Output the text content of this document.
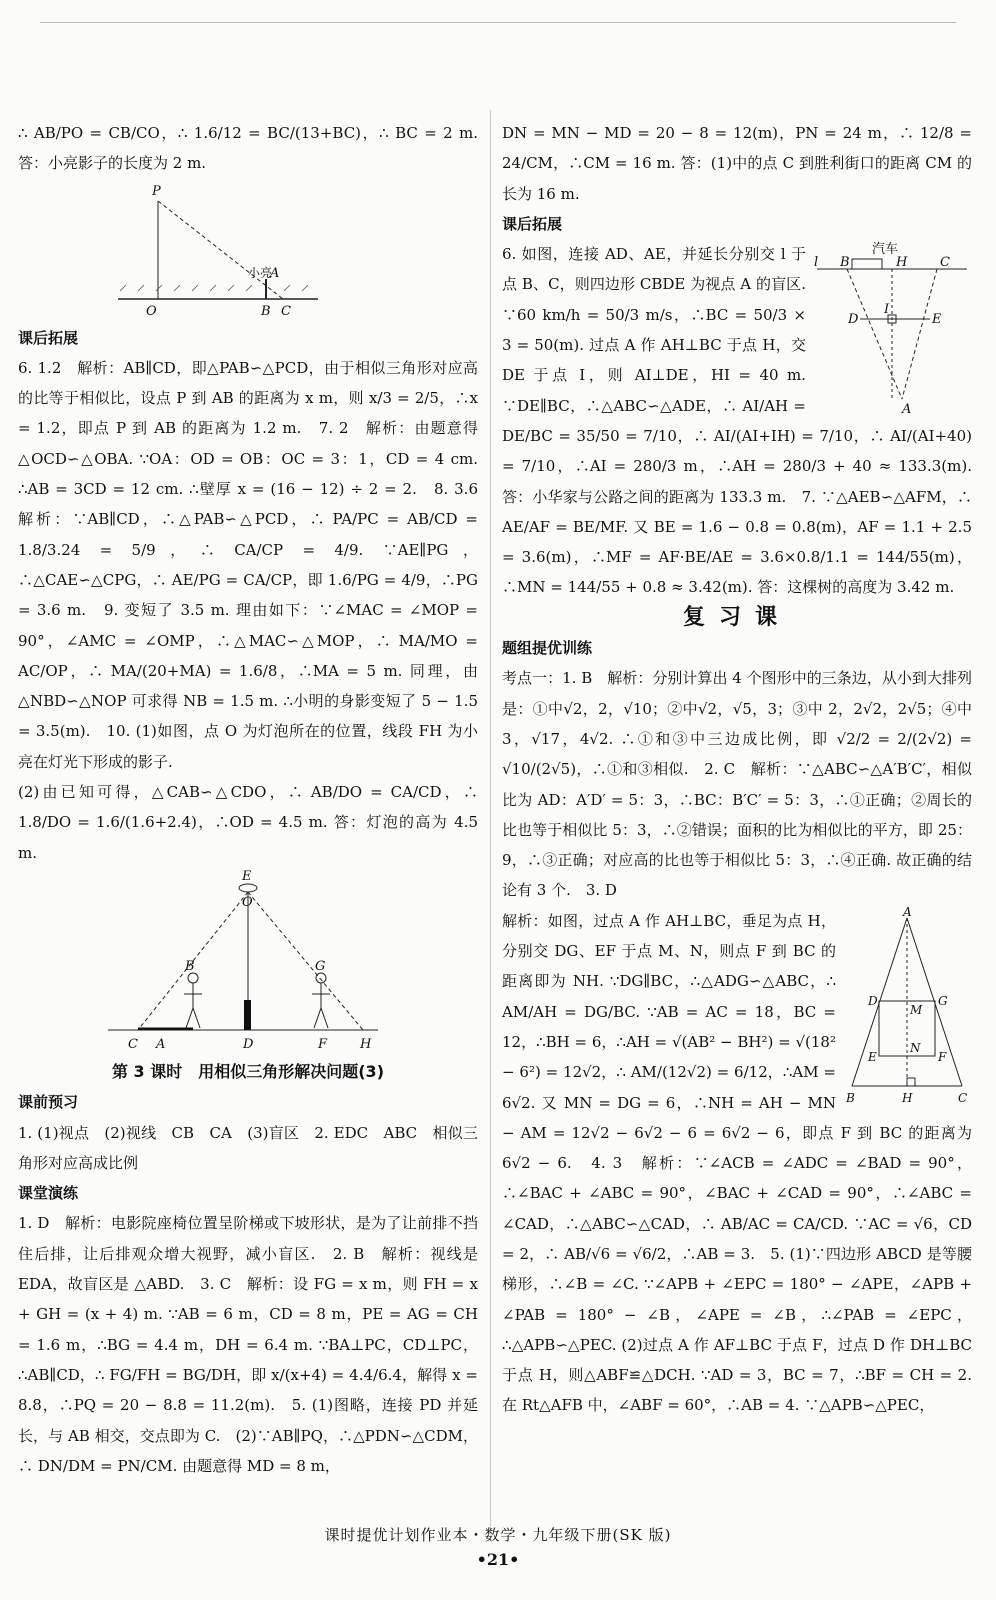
∴ AB/PO = CB/CO，∴ 1.6/12 = BC/(13+BC)，∴ BC = 2 m. 答：小亮影子的长度为 2 m.

P
O
小亮
A
B C
课后拓展

6. 1.2　解析：AB∥CD，即△PAB∽△PCD，由于相似三角形对应高的比等于相似比，设点 P 到 AB 的距离为 x m，则 x/3 = 2/5，∴x = 1.2，即点 P 到 AB 的距离为 1.2 m.　7. 2　解析：由题意得△OCD∽△OBA. ∵OA：OD = OB：OC = 3：1，CD = 4 cm. ∴AB = 3CD = 12 cm. ∴壁厚 x = (16 − 12) ÷ 2 = 2.　8. 3.6　解析：∵AB∥CD，∴△PAB∽△PCD，∴ PA/PC = AB/CD = 1.8/3.24 = 5/9，∴ CA/CP = 4/9. ∵AE∥PG，∴△CAE∽△CPG，∴ AE/PG = CA/CP，即 1.6/PG = 4/9，∴PG = 3.6 m.　9. 变短了 3.5 m. 理由如下：∵∠MAC = ∠MOP = 90°，∠AMC = ∠OMP，∴△MAC∽△MOP，∴ MA/MO = AC/OP，∴ MA/(20+MA) = 1.6/8，∴MA = 5 m. 同理，由△NBD∽△NOP 可求得 NB = 1.5 m. ∴小明的身影变短了 5 − 1.5 = 3.5(m).　10. (1)如图，点 O 为灯泡所在的位置，线段 FH 为小亮在灯光下形成的影子.

(2)由已知可得，△CAB∽△CDO，∴ AB/DO = CA/CD，∴ 1.8/DO = 1.6/(1.6+2.4)，∴OD = 4.5 m. 答：灯泡的高为 4.5 m.

E
O
B	G
C A	D	F	H
第 3 课时　用相似三角形解决问题(3)
课前预习

1. (1)视点　(2)视线　CB　CA　(3)盲区　2. EDC　ABC　相似三角形对应高成比例

课堂演练

1. D　解析：电影院座椅位置呈阶梯或下坡形状，是为了让前排不挡住后排，让后排观众增大视野，减小盲区.　2. B　解析：视线是 EDA，故盲区是 △ABD.　3. C　解析：设 FG = x m，则 FH = x + GH = (x + 4) m. ∵AB = 6 m，CD = 8 m，PE = AG = CH = 1.6 m，∴BG = 4.4 m，DH = 6.4 m. ∵BA⊥PC，CD⊥PC，∴AB∥CD，∴ FG/FH = BG/DH，即 x/(x+4) = 4.4/6.4，解得 x = 8.8，∴PQ = 20 − 8.8 = 11.2(m).　5. (1)图略，连接 PD 并延长，与 AB 相交，交点即为 C.　(2)∵AB∥PQ，∴△PDN∽△CDM，∴ DN/DM = PN/CM. 由题意得 MD = 8 m，

DN = MN − MD = 20 − 8 = 12(m)，PN = 24 m，∴ 12/8 = 24/CM，∴CM = 16 m. 答：(1)中的点 C 到胜利街口的距离 CM 的长为 16 m.

课后拓展
汽车
l B	H	C
D
I
E
A

6. 如图，连接 AD、AE，并延长分别交 l 于点 B、C，则四边形 CBDE 为视点 A 的盲区. ∵60 km/h = 50/3 m/s，∴BC = 50/3 × 3 = 50(m). 过点 A 作 AH⊥BC 于点 H，交 DE 于点 I，则 AI⊥DE，HI = 40 m. ∵DE∥BC，∴△ABC∽△ADE，∴ AI/AH = DE/BC = 35/50 = 7/10，∴ AI/(AI+IH) = 7/10，∴ AI/(AI+40) = 7/10，∴AI = 280/3 m，∴AH = 280/3 + 40 ≈ 133.3(m). 答：小华家与公路之间的距离为 133.3 m.　7. ∵△AEB∽△AFM，∴ AE/AF = BE/MF. 又 BE = 1.6 − 0.8 = 0.8(m)，AF = 1.1 + 2.5 = 3.6(m)，∴MF = AF·BE/AE = 3.6×0.8/1.1 = 144/55(m)，∴MN = 144/55 + 0.8 ≈ 3.42(m). 答：这棵树的高度为 3.42 m.

复习课
题组提优训练

考点一：1. B　解析：分别计算出 4 个图形中的三条边，从小到大排列是：①中√2，2，√10；②中√2，√5，3；③中 2，2√2，2√5；④中 3，√17，4√2. ∴①和③中三边成比例，即 √2/2 = 2/(2√2) = √10/(2√5)，∴①和③相似.　2. C　解析：∵△ABC∽△A′B′C′，相似比为 AD：A′D′ = 5：3，∴BC：B′C′ = 5：3，∴①正确；②周长的比也等于相似比 5：3，∴②错误；面积的比为相似比的平方，即 25：9，∴③正确；对应高的比也等于相似比 5：3，∴④正确. 故正确的结论有 3 个.　3. D

A
D
M
G
E
N
F
B	H	C

解析：如图，过点 A 作 AH⊥BC，垂足为点 H，分别交 DG、EF 于点 M、N，则点 F 到 BC 的距离即为 NH. ∵DG∥BC，∴△ADG∽△ABC，∴ AM/AH = DG/BC. ∵AB = AC = 18，BC = 12，∴BH = 6，∴AH = √(AB² − BH²) = √(18² − 6²) = 12√2，∴ AM/(12√2) = 6/12，∴AM = 6√2. 又 MN = DG = 6，∴NH = AH − MN − AM = 12√2 − 6√2 − 6 = 6√2 − 6，即点 F 到 BC 的距离为 6√2 − 6.　4. 3　解析：∵∠ACB = ∠ADC = ∠BAD = 90°，∴∠BAC + ∠ABC = 90°，∠BAC + ∠CAD = 90°，∴∠ABC = ∠CAD，∴△ABC∽△CAD，∴ AB/AC = CA/CD. ∵AC = √6，CD = 2，∴ AB/√6 = √6/2，∴AB = 3.　5. (1)∵四边形 ABCD 是等腰梯形，∴∠B = ∠C. ∵∠APB + ∠EPC = 180° − ∠APE，∠APB + ∠PAB = 180° − ∠B，∠APE = ∠B，∴∠PAB = ∠EPC，∴△APB∽△PEC. (2)过点 A 作 AF⊥BC 于点 F，过点 D 作 DH⊥BC 于点 H，则△ABF≌△DCH. ∵AD = 3，BC = 7，∴BF = CH = 2. 在 Rt△AFB 中，∠ABF = 60°，∴AB = 4. ∵△APB∽△PEC，

课时提优计划作业本・数学・九年级下册(SK 版)
•21•
